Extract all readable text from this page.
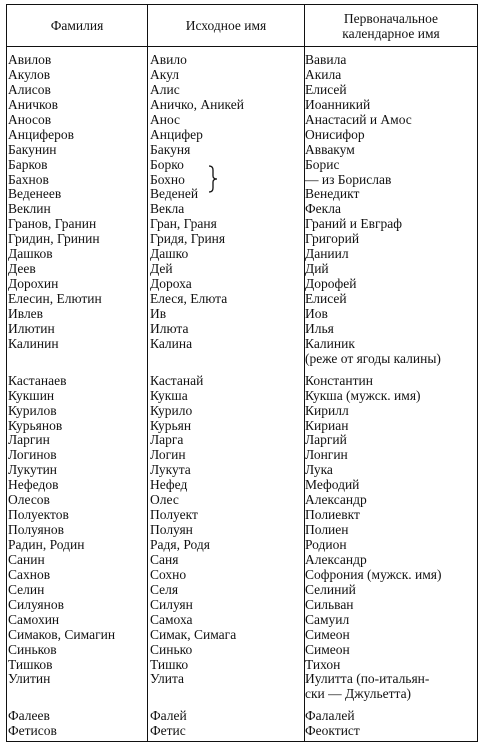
Фамилия	Исходное имя	Первоначальное
календарное имя
Авилов
Акулов
Алисов
Аничков
Аносов
Анциферов
Бакунин
Барков
Бахнов
Веденеев
Веклин
Гранов, Гранин
Гридин, Гринин
Дашков
Деев
Дорохин
Елесин, Елютин
Ивлев
Илютин
Калинин
Кастанаев
Кукшин
Курилов
Курьянов
Ларгин
Логинов
Лукутин
Нефедов
Олесов
Полуектов
Полуянов
Радин, Родин
Санин
Сахнов
Селин
Силуянов
Самохин
Симаков, Симагин
Синьков
Тишков
Улитин
Фалеев
Фетисов
Авило
Акул
Алис
Аничко, Аникей
Анос
Анцифер
Бакуня
Борко
Бохно
Веденей
Векла
Гран, Граня
Гридя, Гриня
Дашко
Дей
Дороха
Елеся, Елюта
Ив
Илюта
Калина
Кастанай
Кукша
Курило
Курьян
Ларга
Логин
Лукута
Нефед
Олес
Полуект
Полуян
Радя, Родя
Саня
Сохно
Селя
Силуян
Самоха
Симак, Симага
Синько
Тишко
Улита
Фалей
Фетис
Вавила
Акила
Елисей
Иоанникий
Анастасий и Амос
Онисифор
Аввакум
Борис
— из Борислав
Венедикт
Фекла
Граний и Евграф
Григорий
Даниил
Дий
Дорофей
Елисей
Иов
Илья
Калиник
(реже от ягоды калины)
Константин
Кукша (мужск. имя)
Кирилл
Кириан
Ларгий
Лонгин
Лука
Мефодий
Александр
Полиевкт
Полиен
Родион
Александр
Софрония (мужск. имя)
Селиний
Сильван
Самуил
Симеон
Симеон
Тихон
Иулитта (по-итальян-
ски — Джульетта)
Фалалей
Феоктист
